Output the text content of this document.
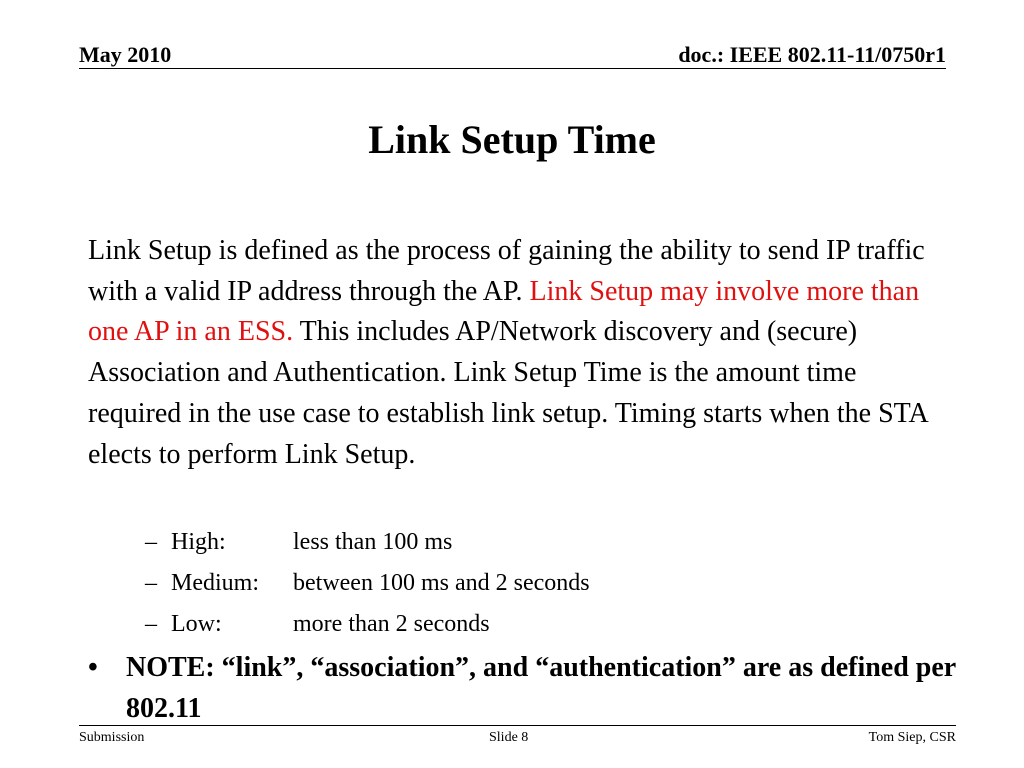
May 2010	doc.: IEEE 802.11-11/0750r1
Link Setup Time
Link Setup is defined as the process of gaining the ability to send IP traffic with a valid IP address through the AP. Link Setup may involve more than one AP in an ESS. This includes AP/Network discovery and (secure) Association and Authentication. Link Setup Time is the amount time required in the use case to establish link setup. Timing starts when the STA elects to perform Link Setup.
– High:	less than 100 ms
– Medium: between 100 ms and 2 seconds
– Low:	more than 2 seconds
• NOTE: “link”, “association”, and “authentication” are as defined per 802.11
Submission	Slide 8	Tom Siep, CSR
